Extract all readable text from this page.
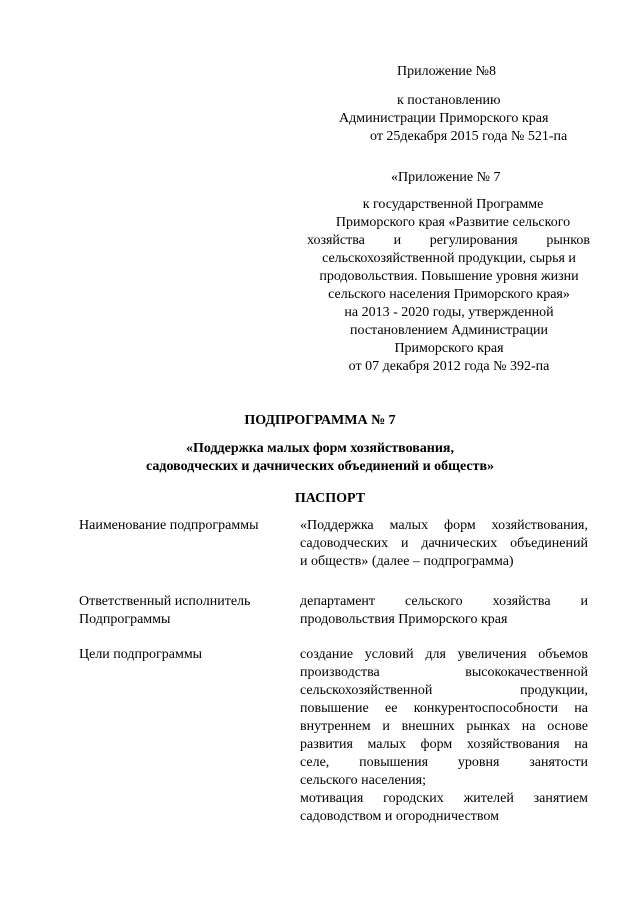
Приложение №8
к постановлению
Администрации Приморского края
от 25декабря 2015 года № 521-па
«Приложение № 7
к государственной Программе
Приморского края «Развитие сельского
хозяйства и регулирования рынков
сельскохозяйственной продукции, сырья и
продовольствия. Повышение уровня жизни
сельского населения Приморского края»
на 2013 - 2020 годы, утвержденной
постановлением Администрации
Приморского края
от 07 декабря 2012 года № 392-па
ПОДПРОГРАММА № 7
«Поддержка малых форм хозяйствования,
садоводческих и дачнических объединений и обществ»
ПАСПОРТ
Наименование подпрограммы	«Поддержка малых форм хозяйствования,
садоводческих и дачнических объединений
и обществ» (далее – подпрограмма)
Ответственный исполнитель
Подпрограммы
департамент сельского хозяйства и
продовольствия Приморского края
Цели подпрограммы	создание условий для увеличения объемов
производства высококачественной
сельскохозяйственной продукции,
повышение ее конкурентоспособности на
внутреннем и внешних рынках на основе
развития малых форм хозяйствования на
селе, повышения уровня занятости
сельского населения;
мотивация городских жителей занятием
садоводством и огородничеством
